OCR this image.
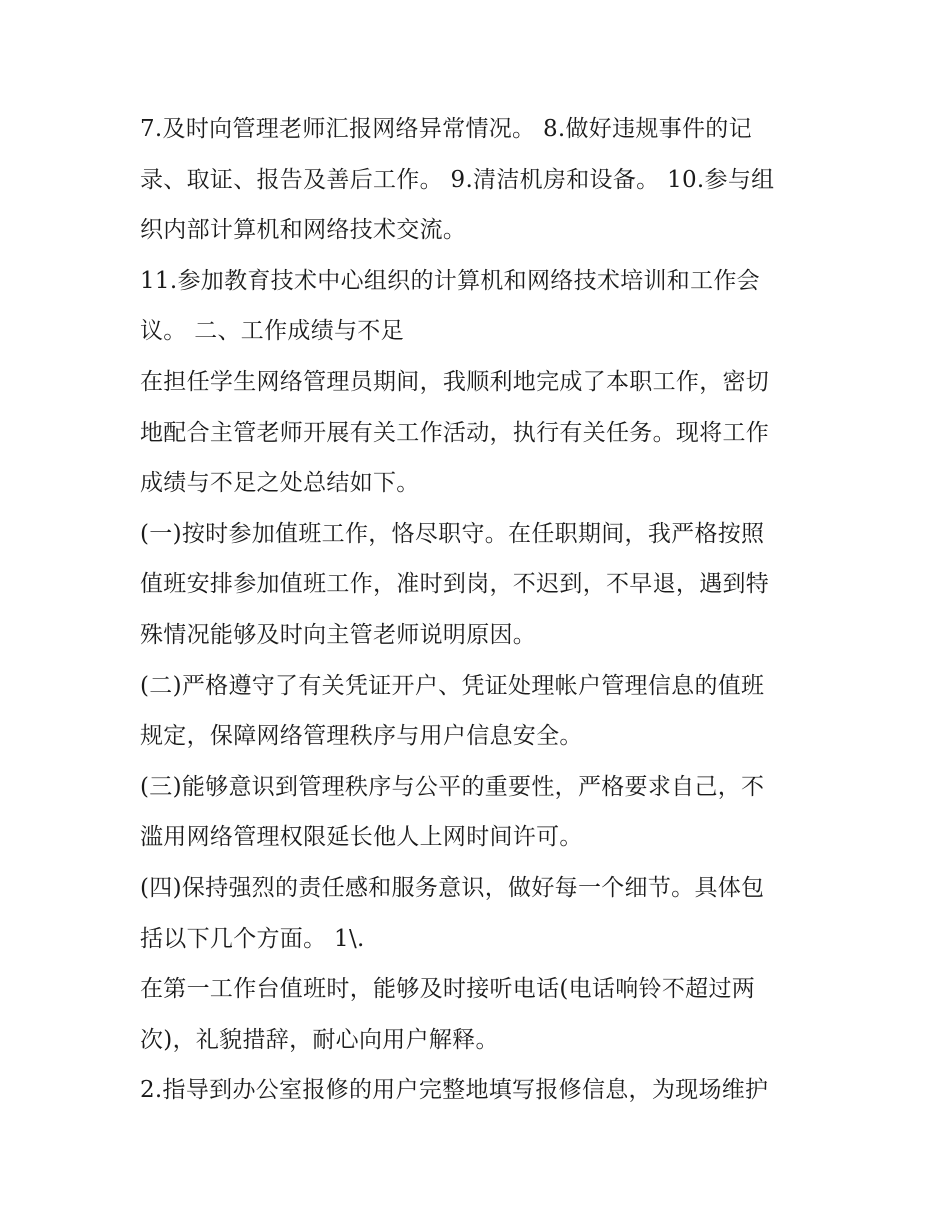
7.及时向管理老师汇报网络异常情况。 8.做好违规事件的记
录、取证、报告及善后工作。 9.清洁机房和设备。 10.参与组
织内部计算机和网络技术交流。
11.参加教育技术中心组织的计算机和网络技术培训和工作会
议。 二、工作成绩与不足
在担任学生网络管理员期间，我顺利地完成了本职工作，密切
地配合主管老师开展有关工作活动，执行有关任务。现将工作
成绩与不足之处总结如下。
(一)按时参加值班工作，恪尽职守。在任职期间，我严格按照
值班安排参加值班工作，准时到岗，不迟到，不早退，遇到特
殊情况能够及时向主管老师说明原因。
(二)严格遵守了有关凭证开户、凭证处理帐户管理信息的值班
规定，保障网络管理秩序与用户信息安全。
(三)能够意识到管理秩序与公平的重要性，严格要求自己，不
滥用网络管理权限延长他人上网时间许可。
(四)保持强烈的责任感和服务意识，做好每一个细节。具体包
括以下几个方面。 1\.
在第一工作台值班时，能够及时接听电话(电话响铃不超过两
次)，礼貌措辞，耐心向用户解释。
2.指导到办公室报修的用户完整地填写报修信息，为现场维护
